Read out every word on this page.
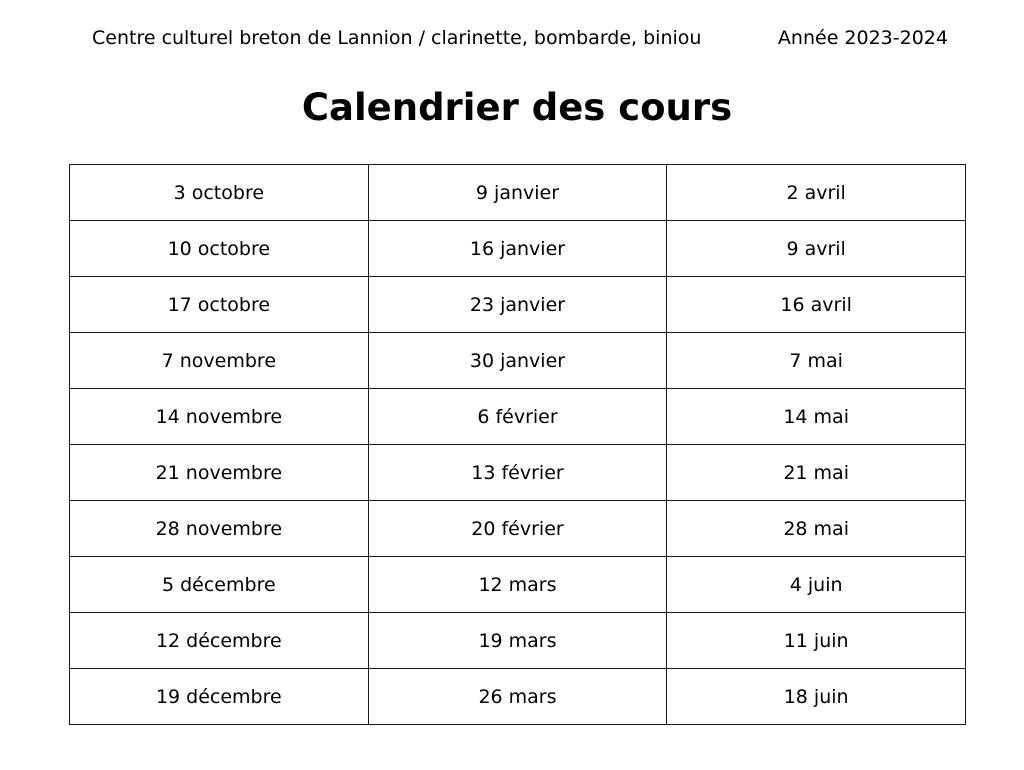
Centre culturel breton de Lannion / clarinette, bombarde, biniou	Année 2023-2024
Calendrier des cours
3 octobre	9 janvier	2 avril
10 octobre	16 janvier	9 avril
17 octobre	23 janvier	16 avril
7 novembre	30 janvier	7 mai
14 novembre	6 février	14 mai
21 novembre	13 février	21 mai
28 novembre	20 février	28 mai
5 décembre	12 mars	4 juin
12 décembre	19 mars	11 juin
19 décembre	26 mars	18 juin
